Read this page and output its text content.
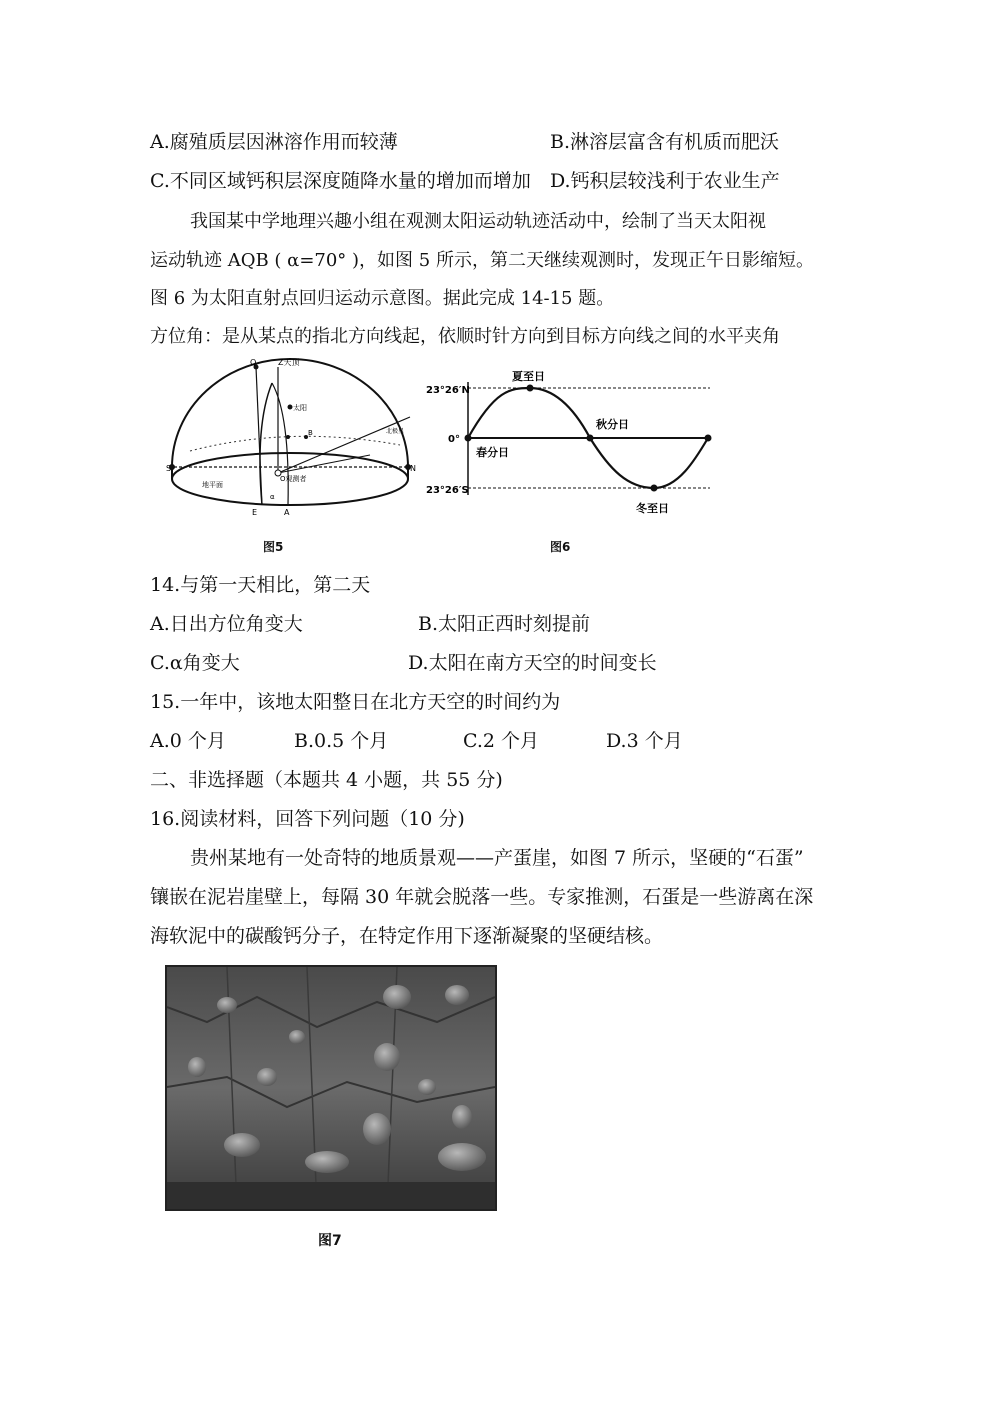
A.腐殖质层因淋溶作用而较薄	B.淋溶层富含有机质而肥沃
C.不同区域钙积层深度随降水量的增加而增加 D.钙积层较浅利于农业生产
我国某中学地理兴趣小组在观测太阳运动轨迹活动中，绘制了当天太阳视
运动轨迹 AQB ( α=70° )，如图 5 所示，第二天继续观测时，发现正午日影缩短。
图 6 为太阳直射点回归运动示意图。据此完成 14-15 题。
方位角：是从某点的指北方向线起，依顺时针方向到目标方向线之间的水平夹角
S	N
Z天顶
Q
太阳
B	北极星
O观测者
地平面
E	A
α
图5
23°26′N
0°
23°26′S
夏至日
秋分日
春分日
冬至日
图6
14.与第一天相比，第二天
A.日出方位角变大	B.太阳正西时刻提前
C.α角变大	D.太阳在南方天空的时间变长
15.一年中，该地太阳整日在北方天空的时间约为
A.0 个月	B.0.5 个月	C.2 个月	D.3 个月
二、非选择题（本题共 4 小题，共 55 分)
16.阅读材料，回答下列问题（10 分)
贵州某地有一处奇特的地质景观——产蛋崖，如图 7 所示，坚硬的“石蛋”
镶嵌在泥岩崖壁上，每隔 30 年就会脱落一些。专家推测，石蛋是一些游离在深
海软泥中的碳酸钙分子，在特定作用下逐渐凝聚的坚硬结核。
图7
